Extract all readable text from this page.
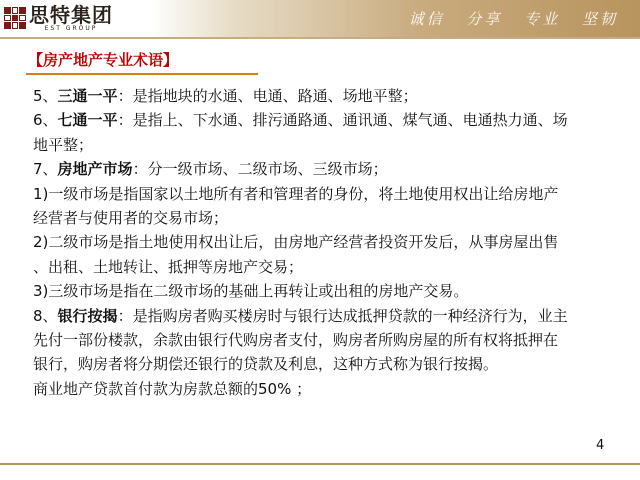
思特集团
EST GROUP	诚信 分享 专业 坚韧
【房产地产专业术语】

5、三通一平：是指地块的水通、电通、路通、场地平整；

6、七通一平：是指上、下水通、排污通路通、通讯通、煤气通、电通热力通、场

地平整；

7、房地产市场：分一级市场、二级市场、三级市场；

1)一级市场是指国家以土地所有者和管理者的身份，将土地使用权出让给房地产

经营者与使用者的交易市场；

2)二级市场是指土地使用权出让后，由房地产经营者投资开发后，从事房屋出售

、出租、土地转让、抵押等房地产交易；

3)三级市场是指在二级市场的基础上再转让或出租的房地产交易。

8、银行按揭：是指购房者购买楼房时与银行达成抵押贷款的一种经济行为，业主

先付一部份楼款，余款由银行代购房者支付，购房者所购房屋的所有权将抵押在

银行，购房者将分期偿还银行的贷款及利息，这种方式称为银行按揭。

商业地产贷款首付款为房款总额的50% ；

4
